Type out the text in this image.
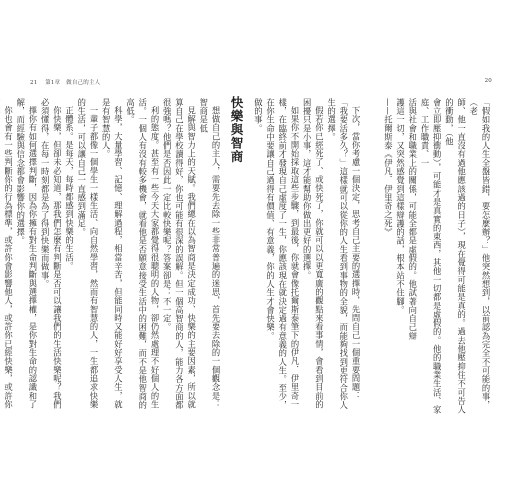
21 第1章 做自己的主人
快樂與智商

想做自己的主人，需要先去除一些非常普遍的迷思，首先要去除的一個觀念是：智商是低

見解與智力上的天賦。我們總在以為智商是決定成功、快樂的主要因素，所以就算自己在學校讀得好，你也可能有很深的誤解。但一個高智商的人，能力各方面都很強嗎？他們是否因此一定比較快樂呢？答案卻是：不一定。

利的態度。甚至有一些今天大家都覺得很聰明的人物，卻仍然處理不好個人的生活。一個人有沒有較多機會，就看他是否願意接受生活中的困難，而不是他智商的高低。

科學，大量學習、記憶、理解過程，相當辛苦，但能同時又能好好享受人生，就是有智慧的人。

一輩子都像一個學生一樣生活、向自然學習，然而有智慧的人，一生都追求快樂的生活，可以讓自己一直感到滿足。

正體系。是每天，每時都感到快樂的生活。

你快樂，但卻未必知道，那我們怎麼有判斷是否可以讓我們的生活快樂呢？我們必須懂得，在每一時刻都是為了得到快樂而做事。

擇你有如何選擇判斷，因為你擁有對生命判斷與選擇權，是你對生命的認識和了解，而經驗與信念都會影響你的選擇。

你也會有一些判斷你的行為標準，或許你會影響他人，或許你已經快樂，或許你

20

「假如我的人生全盤皆錯，要怎麼辦？」他突然想到，以前認為完全不可能的事，（老

師、他一直沒有過他應該過的日子），現在覺得可能是真的。過去他壓抑住不可告人的衝動，（他

會立即壓抑衝動），可能才是真實的東西，其他一切都是虛假的。他的職業生活、家庭、工作職責、一

活與社會和職業上的關係，可能全都是虛假的。他試著向自己辯

護這一切，又突然感覺到這樣辯護的話，根本站不住腳。

——托爾斯泰《伊凡．伊里奇之死》

下次，當你考慮一個決定，思考自己主要的選擇時，先問自己一個重要問題：「我要活多久？」這樣就可以從你的人生看到事物的全貌，而能夠找到更符合你人生的選擇。

假若你已經死了、或快死了，你就可以以更寬廣的觀點來看事情，會看到目前的困擾只是小事，這才能幫助你做出更好的選擇。

如果你不開始採取這些步驟，到最後，你就會像托爾斯泰筆下的伊凡．伊里奇一樣，在臨終前才發現自己虛度了一生，你應該現在就決定過有意義的人生。至少，在你生命中要讓自己過得有價值、有意義，你的人生才會快樂。

做的事。
